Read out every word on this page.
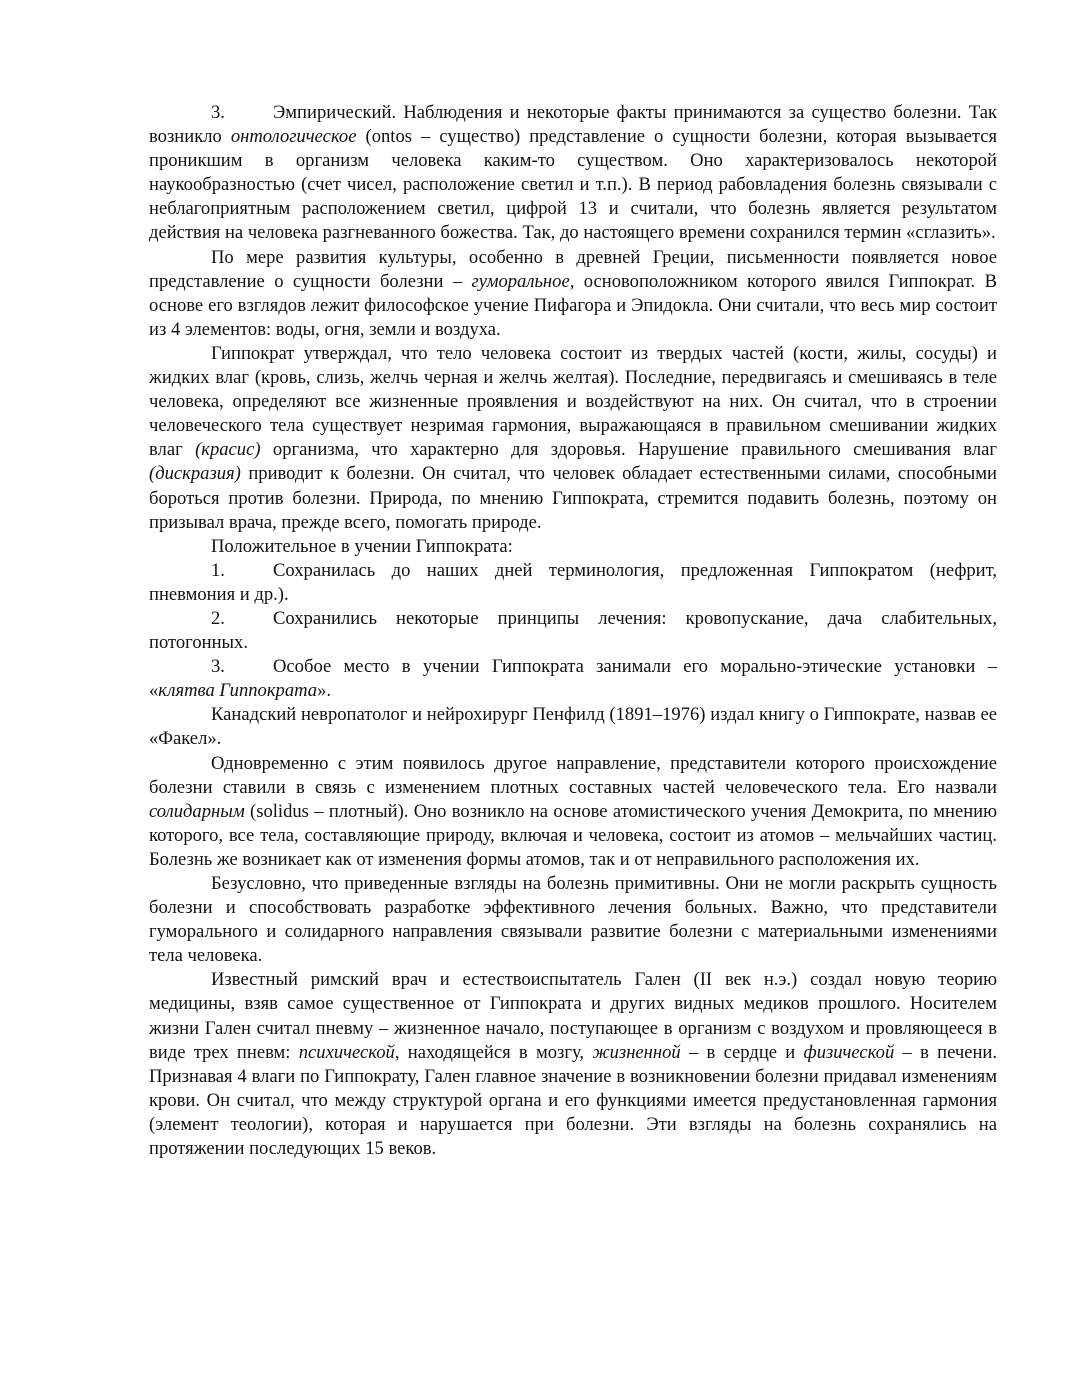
3.	Эмпирический. Наблюдения и некоторые факты принимаются за существо болезни. Так возникло онтологическое (ontos – существо) представление о сущности болезни, которая вызывается проникшим в организм человека каким-то существом. Оно характеризовалось некоторой наукообразностью (счет чисел, расположение светил и т.п.). В период рабовладения болезнь связывали с неблагоприятным расположением светил, цифрой 13 и считали, что болезнь является результатом действия на человека разгневанного божества. Так, до настоящего времени сохранился термин «сглазить».

По мере развития культуры, особенно в древней Греции, письменности появляется новое представление о сущности болезни – гуморальное, основоположником которого явился Гиппократ. В основе его взглядов лежит философское учение Пифагора и Эпидокла. Они считали, что весь мир состоит из 4 элементов: воды, огня, земли и воздуха.

Гиппократ утверждал, что тело человека состоит из твердых частей (кости, жилы, сосуды) и жидких влаг (кровь, слизь, желчь черная и желчь желтая). Последние, передвигаясь и смешиваясь в теле человека, определяют все жизненные проявления и воздействуют на них. Он считал, что в строении человеческого тела существует незримая гармония, выражающаяся в правильном смешивании жидких влаг (красис) организма, что характерно для здоровья. Нарушение правильного смешивания влаг (дискразия) приводит к болезни. Он считал, что человек обладает естественными силами, способными бороться против болезни. Природа, по мнению Гиппократа, стремится подавить болезнь, поэтому он призывал врача, прежде всего, помогать природе.

Положительное в учении Гиппократа:

1.	Сохранилась до наших дней терминология, предложенная Гиппократом (нефрит, пневмония и др.).

2.	Сохранились некоторые принципы лечения: кровопускание, дача слабительных, потогонных.

3.	Особое место в учении Гиппократа занимали его морально-этические установки – «клятва Гиппократа».

Канадский невропатолог и нейрохирург Пенфилд (1891–1976) издал книгу о Гиппократе, назвав ее «Факел».

Одновременно с этим появилось другое направление, представители которого происхождение болезни ставили в связь с изменением плотных составных частей человеческого тела. Его назвали солидарным (solidus – плотный). Оно возникло на основе атомистического учения Демокрита, по мнению которого, все тела, составляющие природу, включая и человека, состоит из атомов – мельчайших частиц. Болезнь же возникает как от изменения формы атомов, так и от неправильного расположения их.

Безусловно, что приведенные взгляды на болезнь примитивны. Они не могли раскрыть сущность болезни и способствовать разработке эффективного лечения больных. Важно, что представители гуморального и солидарного направления связывали развитие болезни с материальными изменениями тела человека.

Известный римский врач и естествоиспытатель Гален (II век н.э.) создал новую теорию медицины, взяв самое существенное от Гиппократа и других видных медиков прошлого. Носителем жизни Гален считал пневму – жизненное начало, поступающее в организм с воздухом и провляющееся в виде трех пневм: психической, находящейся в мозгу, жизненной – в сердце и физической – в печени. Признавая 4 влаги по Гиппократу, Гален главное значение в возникновении болезни придавал изменениям крови. Он считал, что между структурой органа и его функциями имеется предустановленная гармония (элемент теологии), которая и нарушается при болезни. Эти взгляды на болезнь сохранялись на протяжении последующих 15 веков.
